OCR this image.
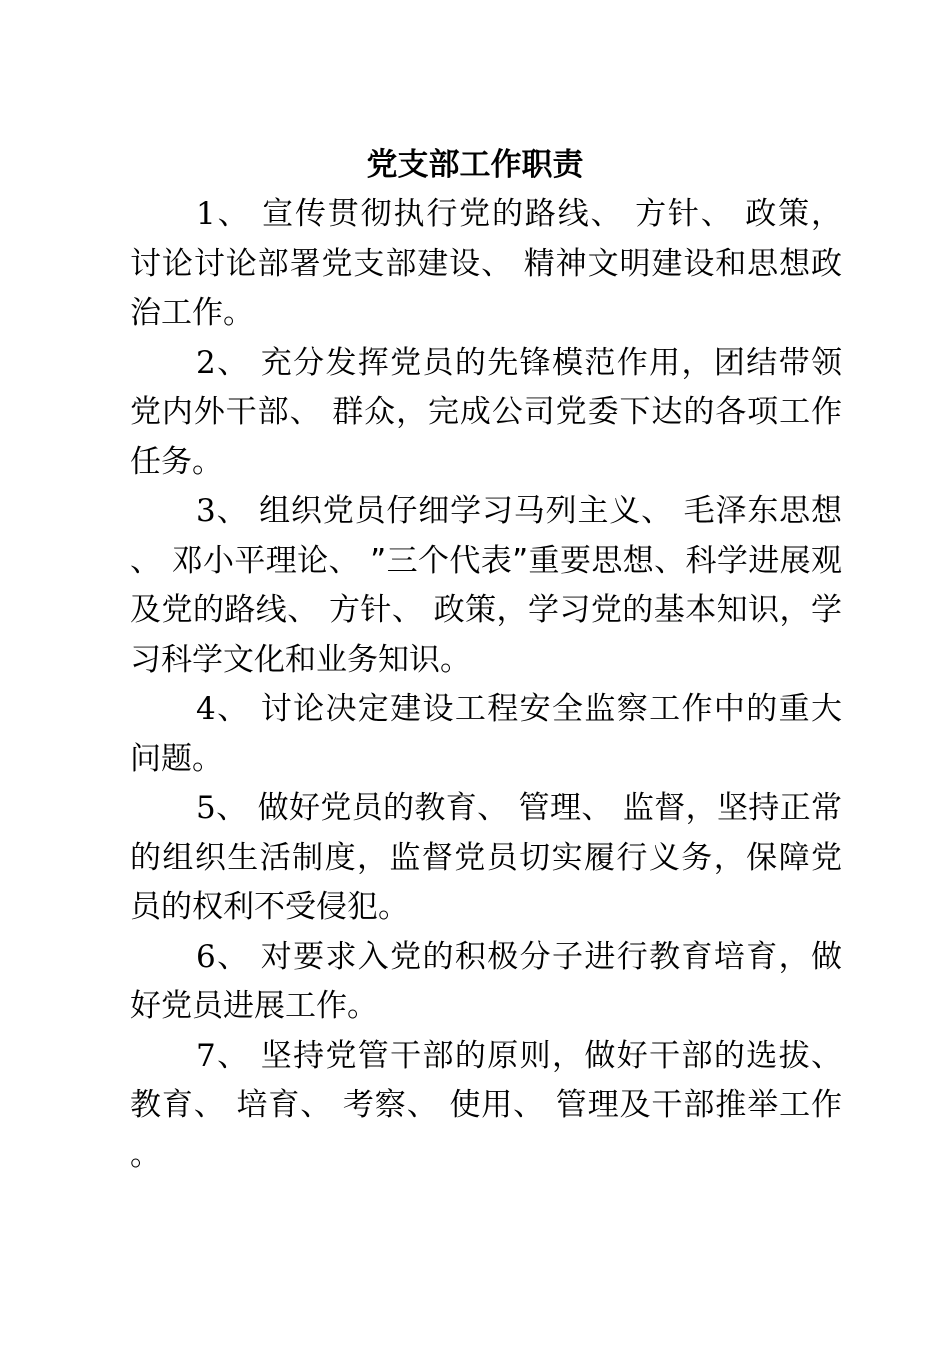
党支部工作职责

1、 宣传贯彻执行党的路线、 方针、 政策， 讨论讨论部署党支部建设、 精神文明建设和思想政治工作。

2、 充分发挥党员的先锋模范作用，团结带领党内外干部、 群众，完成公司党委下达的各项工作任务。

3、 组织党员仔细学习马列主义、 毛泽东思想、 邓小平理论、 ”三个代表”重要思想、科学进展观及党的路线、 方针、 政策，学习党的基本知识，学习科学文化和业务知识。

4、 讨论决定建设工程安全监察工作中的重大问题。

5、 做好党员的教育、 管理、 监督，坚持正常的组织生活制度，监督党员切实履行义务，保障党员的权利不受侵犯。

6、 对要求入党的积极分子进行教育培育，做好党员进展工作。

7、 坚持党管干部的原则，做好干部的选拔、 教育、 培育、 考察、 使用、 管理及干部推举工作。
